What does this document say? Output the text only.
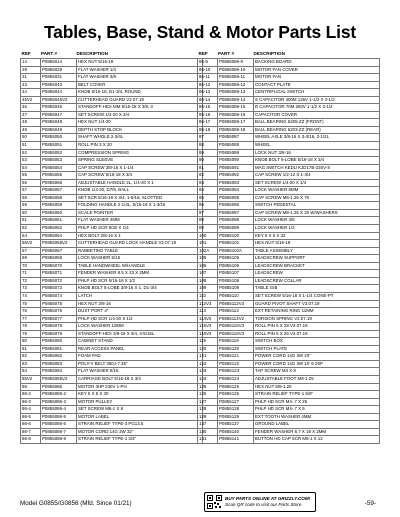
Tables, Base, Stand & Motor Parts List
REF	PART #	DESCRIPTION
14	P0855014	HEX NUT 5/16-18
29	P0855029	FLAT WASHER 1/4
31	P0855031	FLAT WASHER 3/8
43	P0855043	BELT COVER
44	P0855044	KNOB 5/16-18, D1-3/4, ROUND
45V2	P0855045V2	CUTTERHEAD GUARD V2.07.19
46	P0855046	STANDOFF-HEX MM 5/16-18 X 3/8, 3
47	P0855047	SET SCREW 1/4-20 X 3/4
48	P0855048	HEX NUT 1/4-20
49	P0855049	DEPTH STOP BLOCK
50	P0855050	SHAFT WHOLE 2-3/4L
51	P0855051	ROLL PIN 3 X 20
52	P0855052	COMPRESSION SPRING
53	P0855053	SPRING SLEEVE
54	P0855054	CAP SCREW 3/8-16 X 1-1/4
55	P0855055	CAP SCREW 5/16-18 X 3/4
56	P0855056	ADJUSTABLE HANDLE 2L, 1/4-20 X 1
57	P0855057	KNOB 1/4-20, D7/8, BALL
58	P0855058	SET SCR 5/16-18 X 3/4, 1-5/16, SLOTTED
59	P0855059	FOLDING HANDLE 2-1/4L, 5/16-18 X 1-3/16
60	P0855060	SCALE POINTER
61	P0855061	FLAT WASHER 4MM
62	P0855062	PHLP HD SCR 8/32 X 1/4
64	P0855064	HEX BOLT 3/8-16 X 1
66V2	P0855066V2	CUTTERHEAD GUARD LOCK HANDLE V2.07.19
67	P0855067	RABBETING TABLE
69	P0855069	LOCK WASHER 5/16
70	P0855070	TABLE HANDWHEEL W/HANDLE
71	P0855071	FENDER WASHER 8.5 X 23 X 2MM
72	P0855072	PHLP HD SCR 5/16-18 X 1/2
73	P0855073	KNOB BOLT 5-LOBE 3/8-16 X 1, D1-3/4
74	P0855074	LATCH
75	P0855075	HEX NUT 3/8-16
76	P0855076	DUST PORT 4"
77	P0855077	PHLP HD SCR 1/4-20 X 1/2
78	P0855078	LOCK WASHER 10MM
79	P0855079	STANDOFF-HEX 3/8-16 X 3/4, 3-5/16L
80	P0855080	CABINET STAND
81	P0855081	REAR ACCESS PANEL
82	P0855082	FOAM PAD
83	P0855083	POLY-V BELT 350J-7 35"
84	P0855084	FLAT WASHER 5/16
85V2	P0855085V2	CARRIAGE BOLT 5/16-18 X 3/4
86	P0855086	MOTOR 3HP 230V 1-PH
86-2	P0855086-2	KEY 5 X 5 X 30
86-3	P0855086-3	MOTOR PULLEY
86-4	P0855086-4	SET SCREW M6-1 X 8
86-5	P0855086-5	MOTOR LABEL
86-6	P0855086-6	STRAIN RELIEF TYPE-3 PG13.5
86-7	P0855086-7	MOTOR CORD 14G 3W 32"
86-8	P0855086-8	STRAIN RELIEF TYPE-1 3/4"
REF	PART #	DESCRIPTION
86-9	P0855086-9	BACKING BOARD
86-10	P0855086-10	MOTOR FAN COVER
86-11	P0855086-11	MOTOR FAN
86-12	P0855086-12	CONTACT PLATE
86-13	P0855086-13	CENTRIFUGAL SWITCH
86-14	P0855086-14	S CAPACITOR 400M 125V 1-1/2 X 3-1/2
86-15	P0855086-15	R CAPACITOR 70M 250V 1-1/2 X 3-1/2
86-16	P0855086-16	CAPACITOR COVER
86-17	P0855086-17	BALL BEARING 6205-ZZ (FRONT)
86-18	P0855086-18	BALL BEARING 6203-ZZ (REAR)
87	P0855087	WHEEL AXLE 3/8-16 X 3-3/16, 2-1/2L
88	P0855088	WHEEL
89	P0855089	LOCK NUT 3/8-16
90	P0855090	KNOB BOLT 6-LOBE 5/16-18 X 3/4
91	P0855091	MAG SWITCH KEDU KJD17B-230V-S
92	P0855092	CAP SCREW 1/2-12 X 1-3/4
93	P0855093	SET SCREW 1/4-20 X 1/4
94	P0855094	LOCK WASHER 8MM
95	P0855095	CAP SCREW M6-1.25 X 70
96	P0855096	SWITCH PEDESTAL
97	P0855097	CAP SCREW M8-1.25 X 20 W/WASHERS
98	P0855098	LOCK WASHER 3/8
99	P0855099	LOCK WASHER 1/2
100	P0855100	KEY 5 X 5 X 32
101	P0855101	HEX NUT 5/16-18
102A	P0855102A	TABLE ASSEMBLY
105	P0855105	LEADSCREW SUPPORT
106	P0855106	LEADSCREW BRACKET
107	P0855107	LEADSCREW
108	P0855108	LEADSCREW COLLAR
109	P0855109	TABLE GIB
110	P0855110	SET SCREW 5/16-18 X 1-1/4 CONE-PT
112V3	P0855112V3	GUARD PIVOT SHAFT V3.07.19
113	P0855113	EXT RETAINING RING 11MM
114V2	P0855114V2	TORSION SPRING V2.07.19
115V3	P0855115V3	ROLL PIN 6 X 28 V3.07.19
116V3	P0855116V3	ROLL PIN 5 X 26 V3.07.19
119	P0855119	SWITCH BOX
120	P0855120	SWITCH PLATE
121	P0855121	POWER CORD 14G 3W 20"
122	P0855122	POWER CORD 14G 3W 10' 6-20P
123	P0855123	TAP SCREW M4 X 8
124	P0855124	ADJUSTABLE FOOT M8-1.25
125	P0855125	HEX NUT M8-1.25
126	P0855126	STRAIN RELIEF TYPE-1 5/8"
127	P0855127	PHLP HD SCR M4-.7 X 25
128	P0855128	PHLP HD SCR M4-.7 X 6
129	P0855129	EXT TOOTH WASHER 4MM
137	P0855137	GROUND LABEL
140	P0855140	FENDER WASHER 6.7 X 19 X 2MM
141	P0855141	BUTTON HD CAP SCR M6-1 X 12
Model G0855/G0856 (Mfd. Since 01/21)
BUY PARTS ONLINE AT GRIZZLY.COM!
Scan QR code to visit our Parts Store.	-59-
